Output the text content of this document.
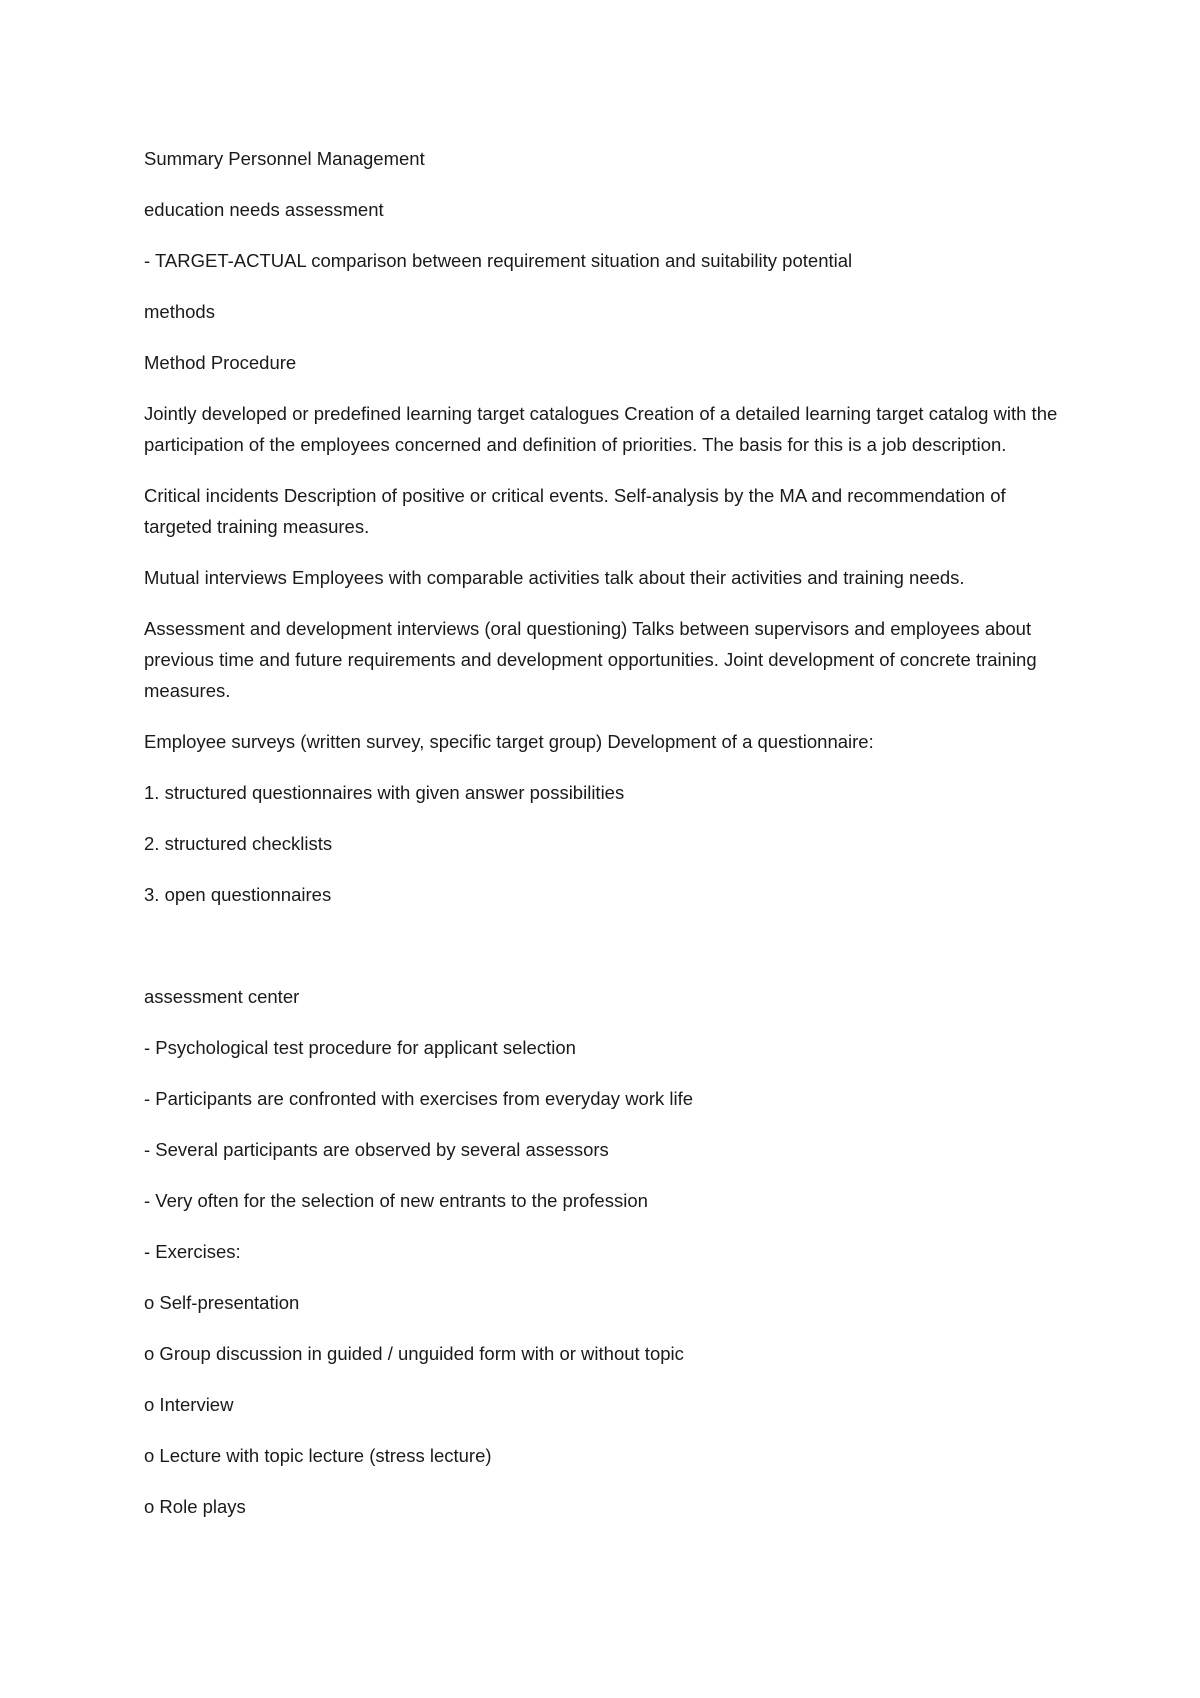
Summary Personnel Management

education needs assessment

- TARGET-ACTUAL comparison between requirement situation and suitability potential

methods

Method Procedure

Jointly developed or predefined learning target catalogues Creation of a detailed learning target catalog with the participation of the employees concerned and definition of priorities. The basis for this is a job description.

Critical incidents Description of positive or critical events. Self-analysis by the MA and recommendation of targeted training measures.

Mutual interviews Employees with comparable activities talk about their activities and training needs.

Assessment and development interviews (oral questioning) Talks between supervisors and employees about previous time and future requirements and development opportunities. Joint development of concrete training measures.

Employee surveys (written survey, specific target group) Development of a questionnaire:

1. structured questionnaires with given answer possibilities

2. structured checklists

3. open questionnaires

assessment center

- Psychological test procedure for applicant selection

- Participants are confronted with exercises from everyday work life

- Several participants are observed by several assessors

- Very often for the selection of new entrants to the profession

- Exercises:

o Self-presentation

o Group discussion in guided / unguided form with or without topic

o Interview

o Lecture with topic lecture (stress lecture)

o Role plays
